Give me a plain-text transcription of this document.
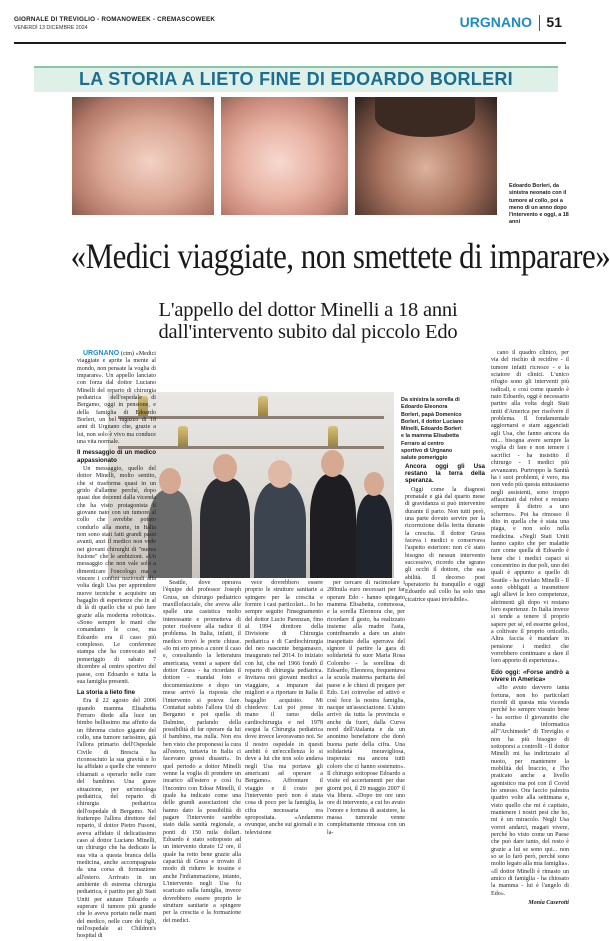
GIORNALE DI TREVIGLIO - ROMANOWEEK - CREMASCOWEEK
VENERDÌ 13 DICEMBRE 2024	URGNANO 51
LA STORIA A LIETO FINE DI EDOARDO BORLERI
Edoardo Borleri, da sinistra neonato con il tumore al collo, poi a meno di un anno dopo l'intervento e oggi, a 18 anni
«Medici viaggiate, non smettete di imparare»
L'appello del dottor Minelli a 18 anni dall'intervento subito dal piccolo Edo
Da sinistra la sorella di Edoardo Eleonora Borleri, papà Domenico Borleri, il dottor Luciano Minelli, Edoardo Borleri e la mamma Elisabetta Ferraro al centro sportivo di Urgnano salute pomeriggio

URGNANO (ctm) «Medici viaggiate e aprite la mente al mondo, non pensate la voglia di imparare». Un appello lanciato con forza dal dottor Luciano Minelli del reparto di chirurgia pediatrica dell'ospedale di Bergamo, oggi in pensione, e della famiglia di Edoardo Borleri, un bel ragazzo di 18 anni di Urgnano che, grazie a lui, non solo è vivo ma conduce una vita normale.

Il messaggio di un medico appassionato

Un messaggio, quello del dottor Minelli, molto sentito, che si trasforma quasi in un grido d'allarme perché, dopo quasi due decenni dalla vicenda che ha visto protagonista il giovane nato con un tumore al collo che avrebbe potuto condurlo alla morte, in Italia non sono stati fatti grandi passi avanti, anzi il medico non vede nei giovani chirurghi di "nuova fusione" che le ambizioni. «Un messaggio che non vale solo a dimenticare l'oncologo ma a vincere i confini nazionali alla volta degli Usa per apprendere nuove tecniche e acquisire un bagaglio di esperienze che in al di là di quello che si può fare grazie alla moderna robotica». «Sono sempre le mani che comandano le cose, ma Edoardo era il caso più complesso. Le conferenze stampa che ha convocato nel pomeriggio di sabato 7 dicembre al centro sportivo del paese, con Edoardo e tutta la sua famiglia presenti.

La storia a lieto fine

Era il 22 agosto del 2006 quando mamma Elisabetta Ferraro diede alla luce un bimbo bellissimo ma affetto da un fibroma cistico gigante del collo, una tumore rarissimo, già l'allora primario dell'Ospedale Civile di Brescia ha riconosciuto la sua gravità e lo ha affidato a quelle che vennero chiamati a operarlo nelle cure del bambino. Una grave situazione, per un'oncologa pediatrica, del reparto di chirurgia pediatrica dell'ospedale di Bergamo. Nel frattempo l'allora direttore del reparto, il dottor Pietro Fusoni, aveva affidato il delicatissimo caso al dottor Luciano Minelli, un chirurgo che ha dedicato la sua vita a questa branca della medicina, anche accompagnata da una corsa di formazione all'estero. Arrivato in un ambiente di estrema chirurgia pediatrica, è partito per gli Stati Uniti per aiutare Edoardo a superare il tumore più grande che lo aveva portato nelle mani del medico, nelle cure dei figli, nell'ospedale ai Children's hospital di

Seattle, dove operava l'équipe del professor Joseph Gruss, un chirurgo pediatrico maxillofacciale, che aveva alle spalle una casistica molto interessante e prometteva di poter risolvere alla radice il problema. In Italia, infatti, il medico trovò le porte chiuse. «Io mi ero preso a cuore il caso e, consultando la letteratura americana, venni a sapere del dottor Gruss - ha ricordato il dottore - mandai foto e documentazione e dopo un mese arrivò la risposta che l'intervento si poteva fare. Contattai subito l'allora Usl di Bergamo e poi quella di Dalmine, parlando della possibilità di far operare da lui il bambino, ma nulla. Non era ben visto che proponessi la cura all'estero, tuttavia in Italia ci facevano grossi disastri». In quel periodo a dottor Minelli venne la voglia di prendere un incarico all'estero e così fu l'incontro con Edoar Minelli, il quale ha indicato come una delle grandi associazioni che hanno dato la possibilità di pagare l'intervento sarebbe stato dalla sanità regionale, a ponti di 150 mila dollari. Edoardo è stato sottoposto ad un intervento durato 12 ore, il quale ha retto bene grazie alla capacità di Gruss e trovato il modo di ridurre le tossine e anche l'infiammazione, intanto, L'intervento negli Usa fu scaricato sulla famiglia, invece dovrebbero essere proprio le strutture sanitarie a spingere per la crescita e la formazione dei medici.

vece dovrebbero essere proprio le strutture sanitarie a spingere per la crescita e fornire i casi particolari... Io ho sempre seguito l'insegnamento del dottor Lucio Parenzan, fino al 1994 direttore della Divisione di Chirurgia pediatrica e di Cardiochirurgia del neo nascente bergamasco, inaugurato nel 2014. Io iniziato con lui, che nel 1966 fondò il reparto di chirurgia pediatrica. Invitava noi giovani medici a viaggiare, a imparare dai migliori e a riportare in Italia il bagaglio acquisito. Mi chiedevo: Lui poi prese in mano il ramo della cardiochirurgia e nel 1978 eseguì la Chirurgia pediatrica dove invece lavoravamo noi. Se il nostro ospedale in questi ambiti è un'eccellenza lo si deve a lui che non solo andava negli Usa ma portava gli americani ad operare a Bergamo». Affrontare il viaggio e il costo per l'intervento però non è stata cosa di poco per la famiglia, la cifra necessaria era spropositata. «Andammo ovunque, anche sui giornali e in televisione

per cercare di racimolare i 280mila euro necessari per far operare Edo - hanno spiegato mamma Elisabetta, commossa, e la sorella Eleonora che, per ricordare il gesto, ha realizzato insieme alla madre l'asta, contribuendo a dare un aiuto inaspettato della sperrava del signore il partire la gara di solidarietà fu suor Maria Rosa Colombo - la sorellina di Edoardo, Eleonora, frequentava la scuola materna paritaria del paese e le chiesi di pregare per Edo. Lei coinvolse ed attivò e così fece la nostra famiglia, nacque un'associazione. L'aiuto arrivò da tutta la provincia e anche da fuori, dalla Curva nord dell'Atalanta e da un anonimo benefattore che donò buona parte della cifra. Una solidarietà meravigliosa, insperata: ma ancora tutti coloro che ci hanno sostenuto». Il chirurgo sottopose Edoardo a visite ed accertamenti per due giorni poi, il 29 maggio 2007 il via libera. «Dopo tre ore uno ore di intervento, a cui ho avuto l'onore e fortuna di assistere, la massa tumorale venne completamente rimossa con un la-

Ancora oggi gli Usa restano la terra della speranza.

Oggi come la diagnosi prenatale e già dal quarto mese di gravidanza si può intervenire durante il parto. Non tutti però, una parte dovuto servire per la ricorrezione della ferita durante la crescita. Il dottor Gruss faceva i medici e conservava l'aspetto esteriore: non c'è stato bisogno di nessun intervento successivo, ricordo che sgrano gli occhi il dottore, che sua abilità. Il decorso post operatorio fu tranquillo e oggi Edoardo sul collo ha solo una cicatrice quasi invisibile».

cano il quadro clinico, per via del rischio di recidive - il tumore infatti ricresce - e la sciatore di clinici. L'unico rifugio sono gli interventi più radicali, e così come quando è nato Edoardo, oggi è necessario partire alla volta degli Stati uniti d'America per risolvere il problema. Il fondamentale aggiornarsi e stare agganciati agli Usa, che fanno ancora da mi... bisogna avere sempre la voglia di fare e non temere i sacrifici - ha insistito il chirurgo - I medici più avvanzano. Purtroppo la Sanità ha i suoi problemi, è vero, ma non vedo più questa entusiasmo negli assistenti, sono troppo affascinati dal robot e restano sempre lì dietro a uno schermo». Poi ha rimosso il dito in quella che è stata una piaga, e non solo nella medicina. «Negli Stati Uniti hanno capito che per malattie rare come quella di Edoardo è bene che i medici capaci si concentrino in due poli, uno dei quali è appunto a quello di Seattle - ha rivelato Minelli - Il sono obbligati a trasmettere agli allievi le loro competenze, altrimenti gli dopo vi restano loro esperienze. In Italia invece si tende a tenere il proprio sapere per sé, ed esserne gelosi, a coltivare il proprio orticello. Altra faccia è mandare in pensione i medici che vorrebbero continuare a dare il loro apporto di esperienza».

Edo oggi: «Forse andrò a vivere in America»

«Ho avuto davvero tanta fortuna, non ho particolari ricordi di questa mia vicenda perché ho sempre vissuto bene - ha sorriso il giovanotto che studia informatica all'"Archimede" di Treviglio e non ha più bisogno di sottoporsi a controlli - Il dottor Minelli mi ha indirizzato al nuoto, per mantenere la mobilità del braccio, e l'ho praticato anche a livello agonistico ma poi con il Covid ho smesso. Ora faccio palestra quattro volte alla settimana e, visto quello che mi è capitato, mantenere i nostri pesi che ho, mi è un miracolo. Negli Usa vorrei andarci, magari vivere, perché ho visto come un Paese che può dare tanto, del resto è grazie a lui se sono qui... non so se lo farò però, perché sono molto legato alla mia famiglia». «Il dottor Minelli è rimasto un amico di famiglia - ha chiosato la mamma - lui è l'angelo di Edo».

Monia Caserotti
